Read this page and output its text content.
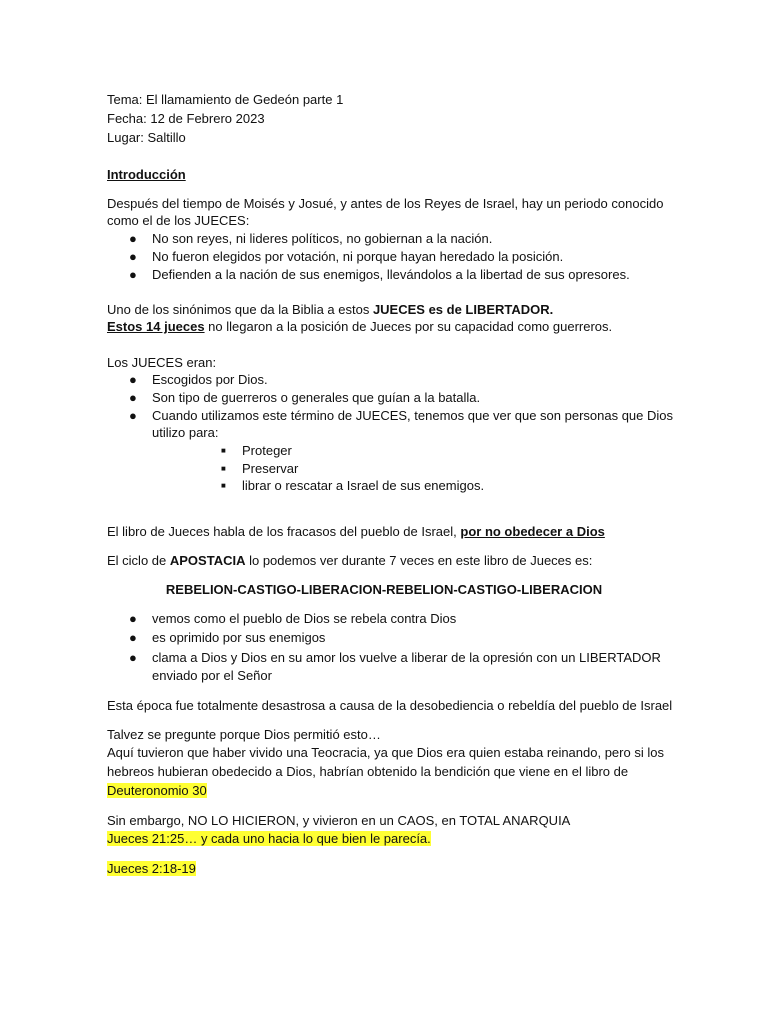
Tema: El llamamiento de Gedeón parte 1
Fecha: 12 de Febrero 2023
Lugar: Saltillo
Introducción
Después del tiempo de Moisés y Josué, y antes de los Reyes de Israel, hay un periodo conocido
como el de los JUECES:
● No son reyes, ni lideres políticos, no gobiernan a la nación.
● No fueron elegidos por votación, ni porque hayan heredado la posición.
● Defienden a la nación de sus enemigos, llevándolos a la libertad de sus opresores.
Uno de los sinónimos que da la Biblia a estos JUECES es de LIBERTADOR.
Estos 14 jueces no llegaron a la posición de Jueces por su capacidad como guerreros.
Los JUECES eran:
● Escogidos por Dios.
● Son tipo de guerreros o generales que guían a la batalla.
● Cuando utilizamos este término de JUECES, tenemos que ver que son personas que Dios
utilizo para:
■ Proteger
■ Preservar
■ librar o rescatar a Israel de sus enemigos.
El libro de Jueces habla de los fracasos del pueblo de Israel, por no obedecer a Dios
El ciclo de APOSTACIA lo podemos ver durante 7 veces en este libro de Jueces es:
REBELION-CASTIGO-LIBERACION-REBELION-CASTIGO-LIBERACION
● vemos como el pueblo de Dios se rebela contra Dios
● es oprimido por sus enemigos
● clama a Dios y Dios en su amor los vuelve a liberar de la opresión con un LIBERTADOR
enviado por el Señor
Esta época fue totalmente desastrosa a causa de la desobediencia o rebeldía del pueblo de Israel
Talvez se pregunte porque Dios permitió esto…
Aquí tuvieron que haber vivido una Teocracia, ya que Dios era quien estaba reinando, pero si los
hebreos hubieran obedecido a Dios, habrían obtenido la bendición que viene en el libro de
Deuteronomio 30
Sin embargo, NO LO HICIERON, y vivieron en un CAOS, en TOTAL ANARQUIA
Jueces 21:25… y cada uno hacia lo que bien le parecía.
Jueces 2:18-19
